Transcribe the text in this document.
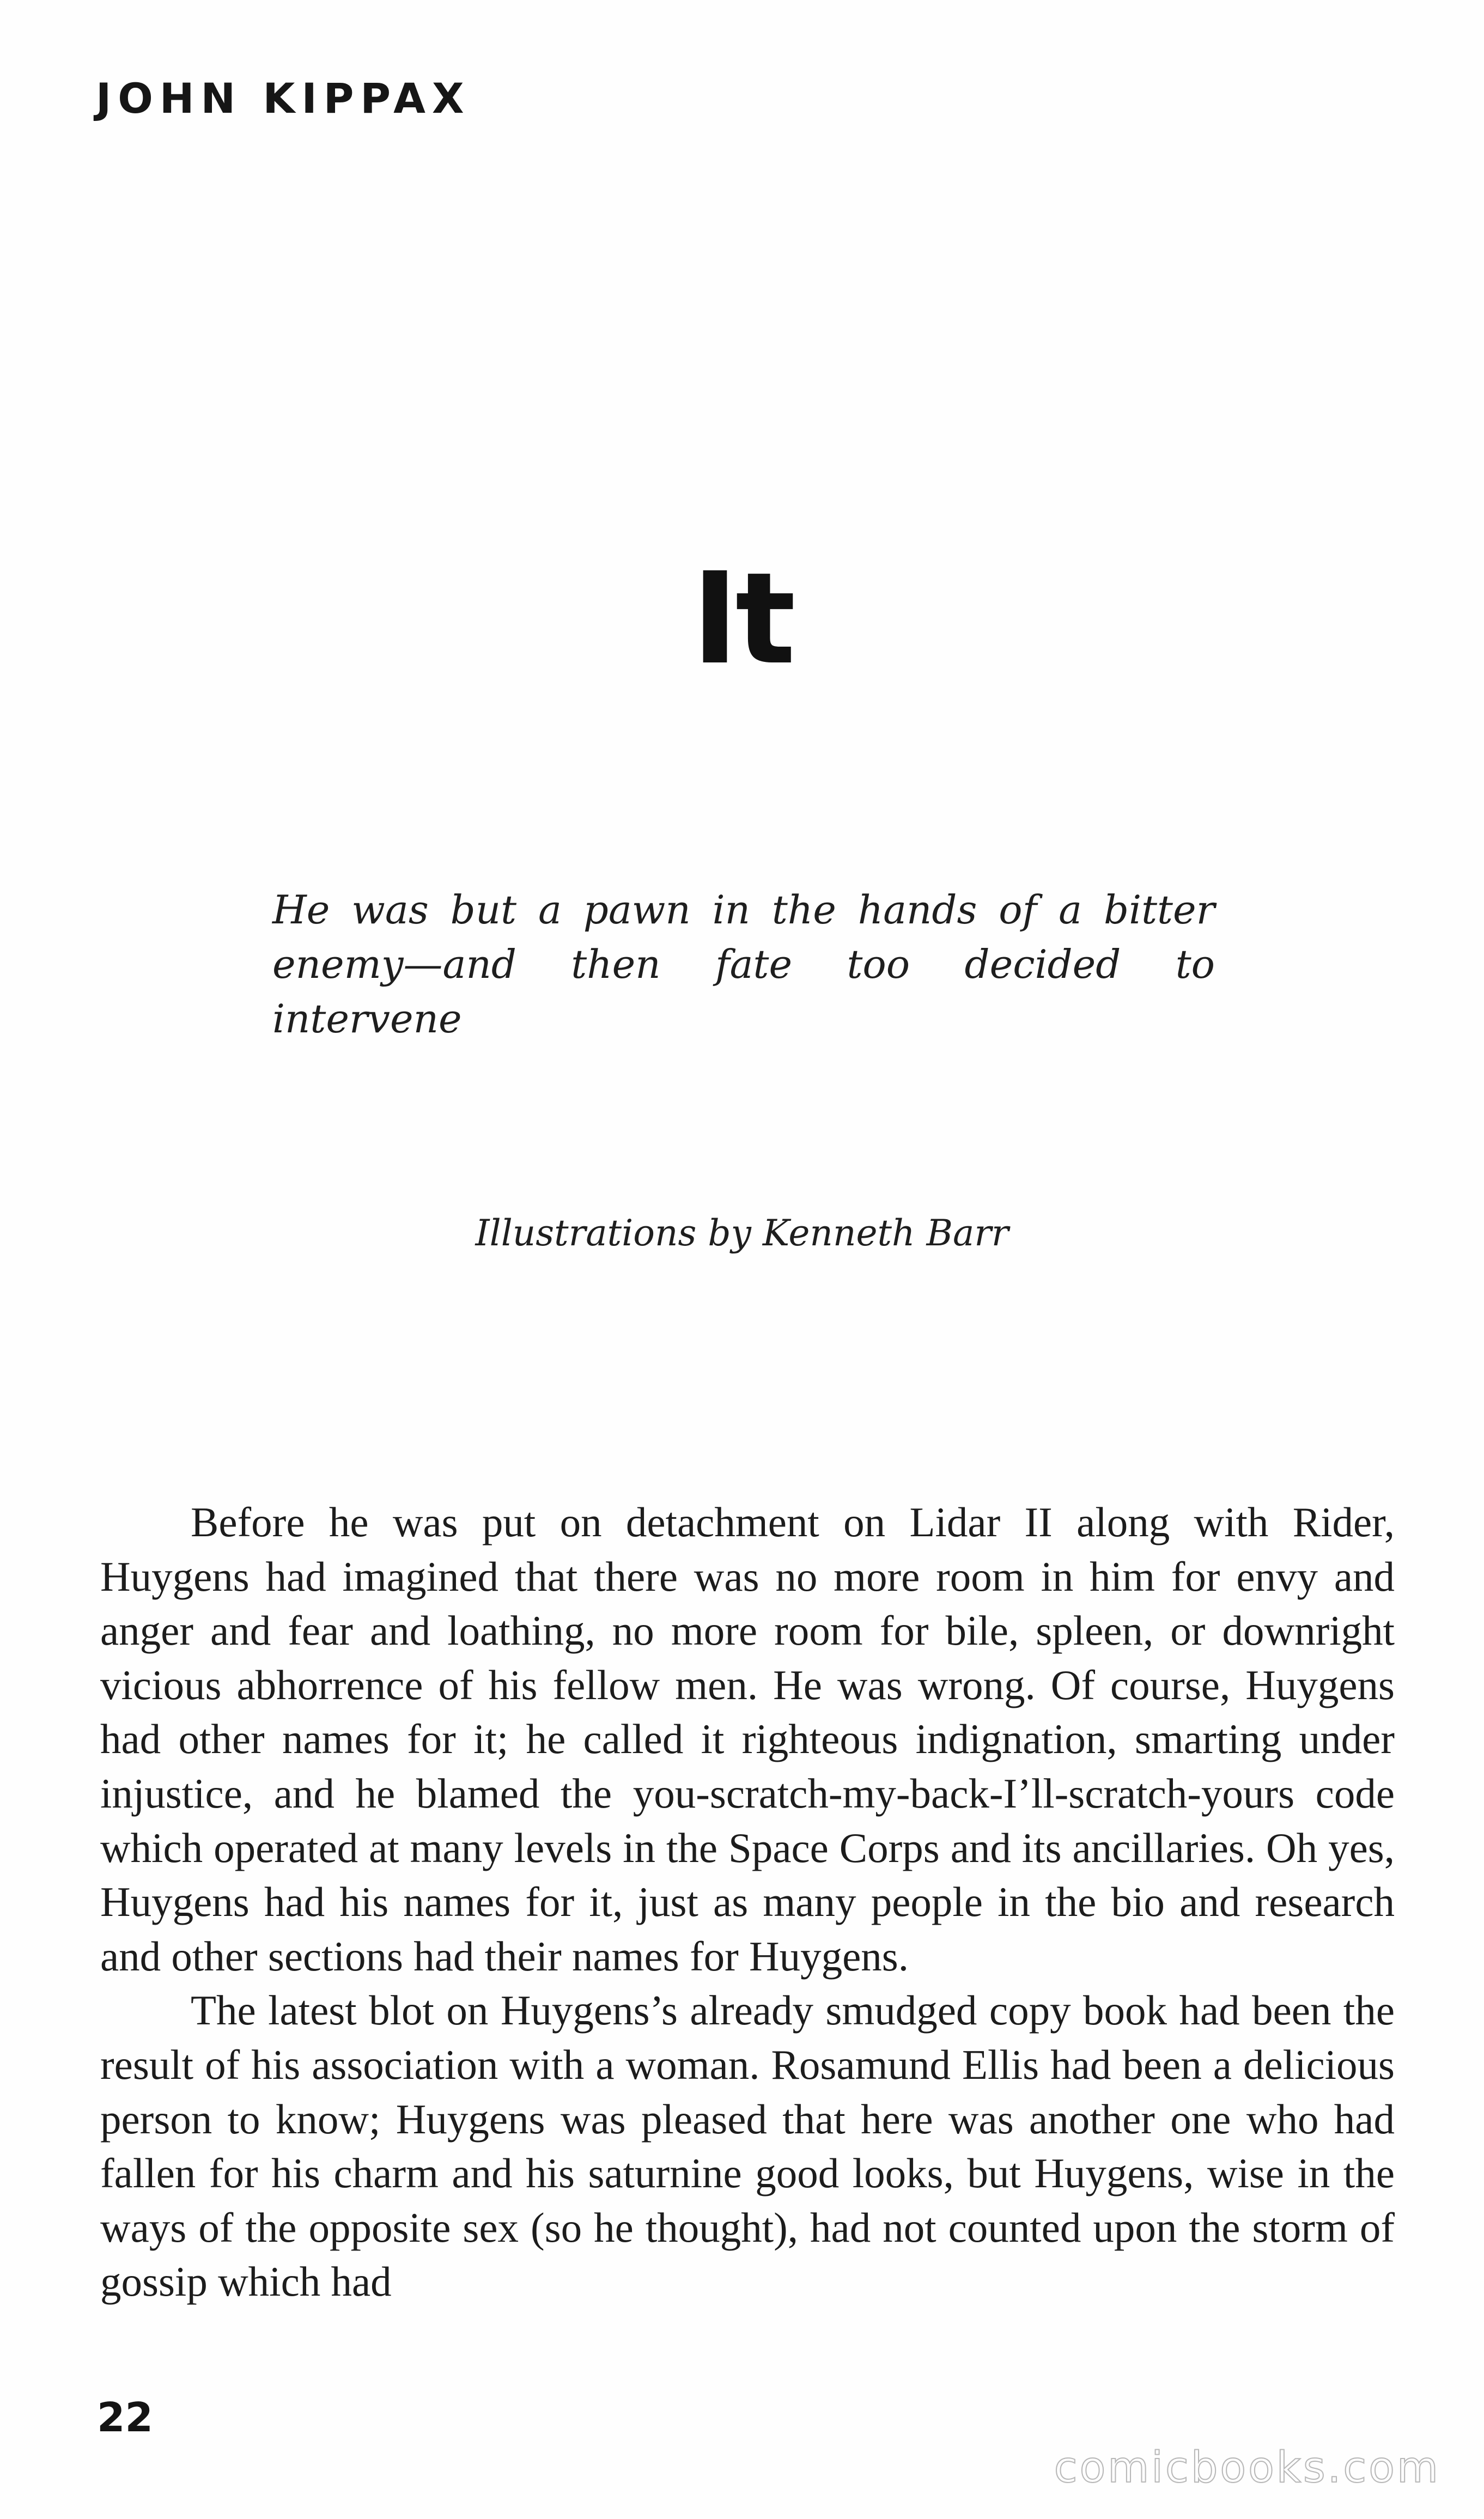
JOHN KIPPAX
It
He was but a pawn in the hands of a bitter enemy—and then fate too decided to intervene
Illustrations by Kenneth Barr

Before he was put on detachment on Lidar II along with Rider, Huygens had imagined that there was no more room in him for envy and anger and fear and loathing, no more room for bile, spleen, or downright vicious abhorrence of his fellow men. He was wrong. Of course, Huygens had other names for it; he called it righteous indignation, smarting under injustice, and he blamed the you-scratch-my-back-I’ll-scratch-yours code which operated at many levels in the Space Corps and its ancillaries. Oh yes, Huygens had his names for it, just as many people in the bio and research and other sections had their names for Huygens.

The latest blot on Huygens’s already smudged copy book had been the result of his association with a woman. Rosamund Ellis had been a delicious person to know; Huygens was pleased that here was another one who had fallen for his charm and his saturnine good looks, but Huygens, wise in the ways of the opposite sex (so he thought), had not counted upon the storm of gossip which had

22
comicbooks.com
